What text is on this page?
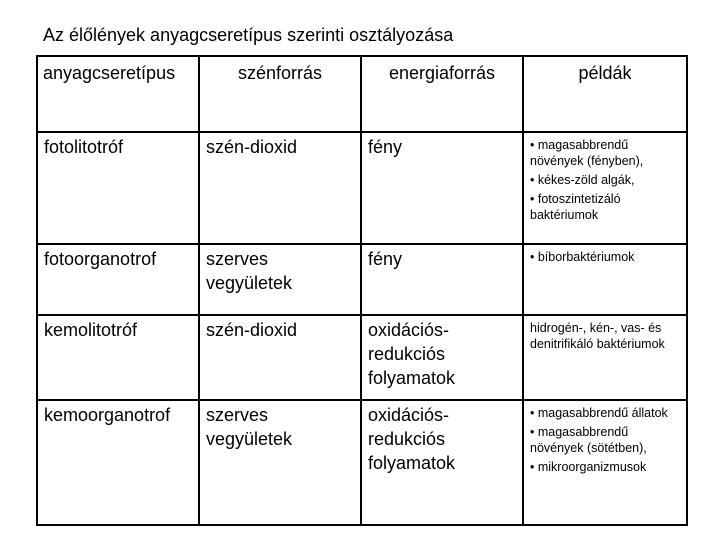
Az élőlények anyagcseretípus szerinti osztályozása
anyagcseretípus	szénforrás	energiaforrás	példák
fotolitotróf	szén-dioxid	fény	• magasabbrendű növények (fényben),
• kékes-zöld algák,
• fotoszintetizáló baktériumok

fotoorganotrof	szerves vegyületek	fény	• bíborbaktériumok

kemolitotróf	szén-dioxid	oxidációs-redukciós folyamatok	hidrogén-, kén-, vas- és denitrifikáló baktériumok

kemoorganotrof	szerves vegyületek	oxidációs-redukciós folyamatok	• magasabbrendű állatok
• magasabbrendű növények (sötétben),
• mikroorganizmusok
